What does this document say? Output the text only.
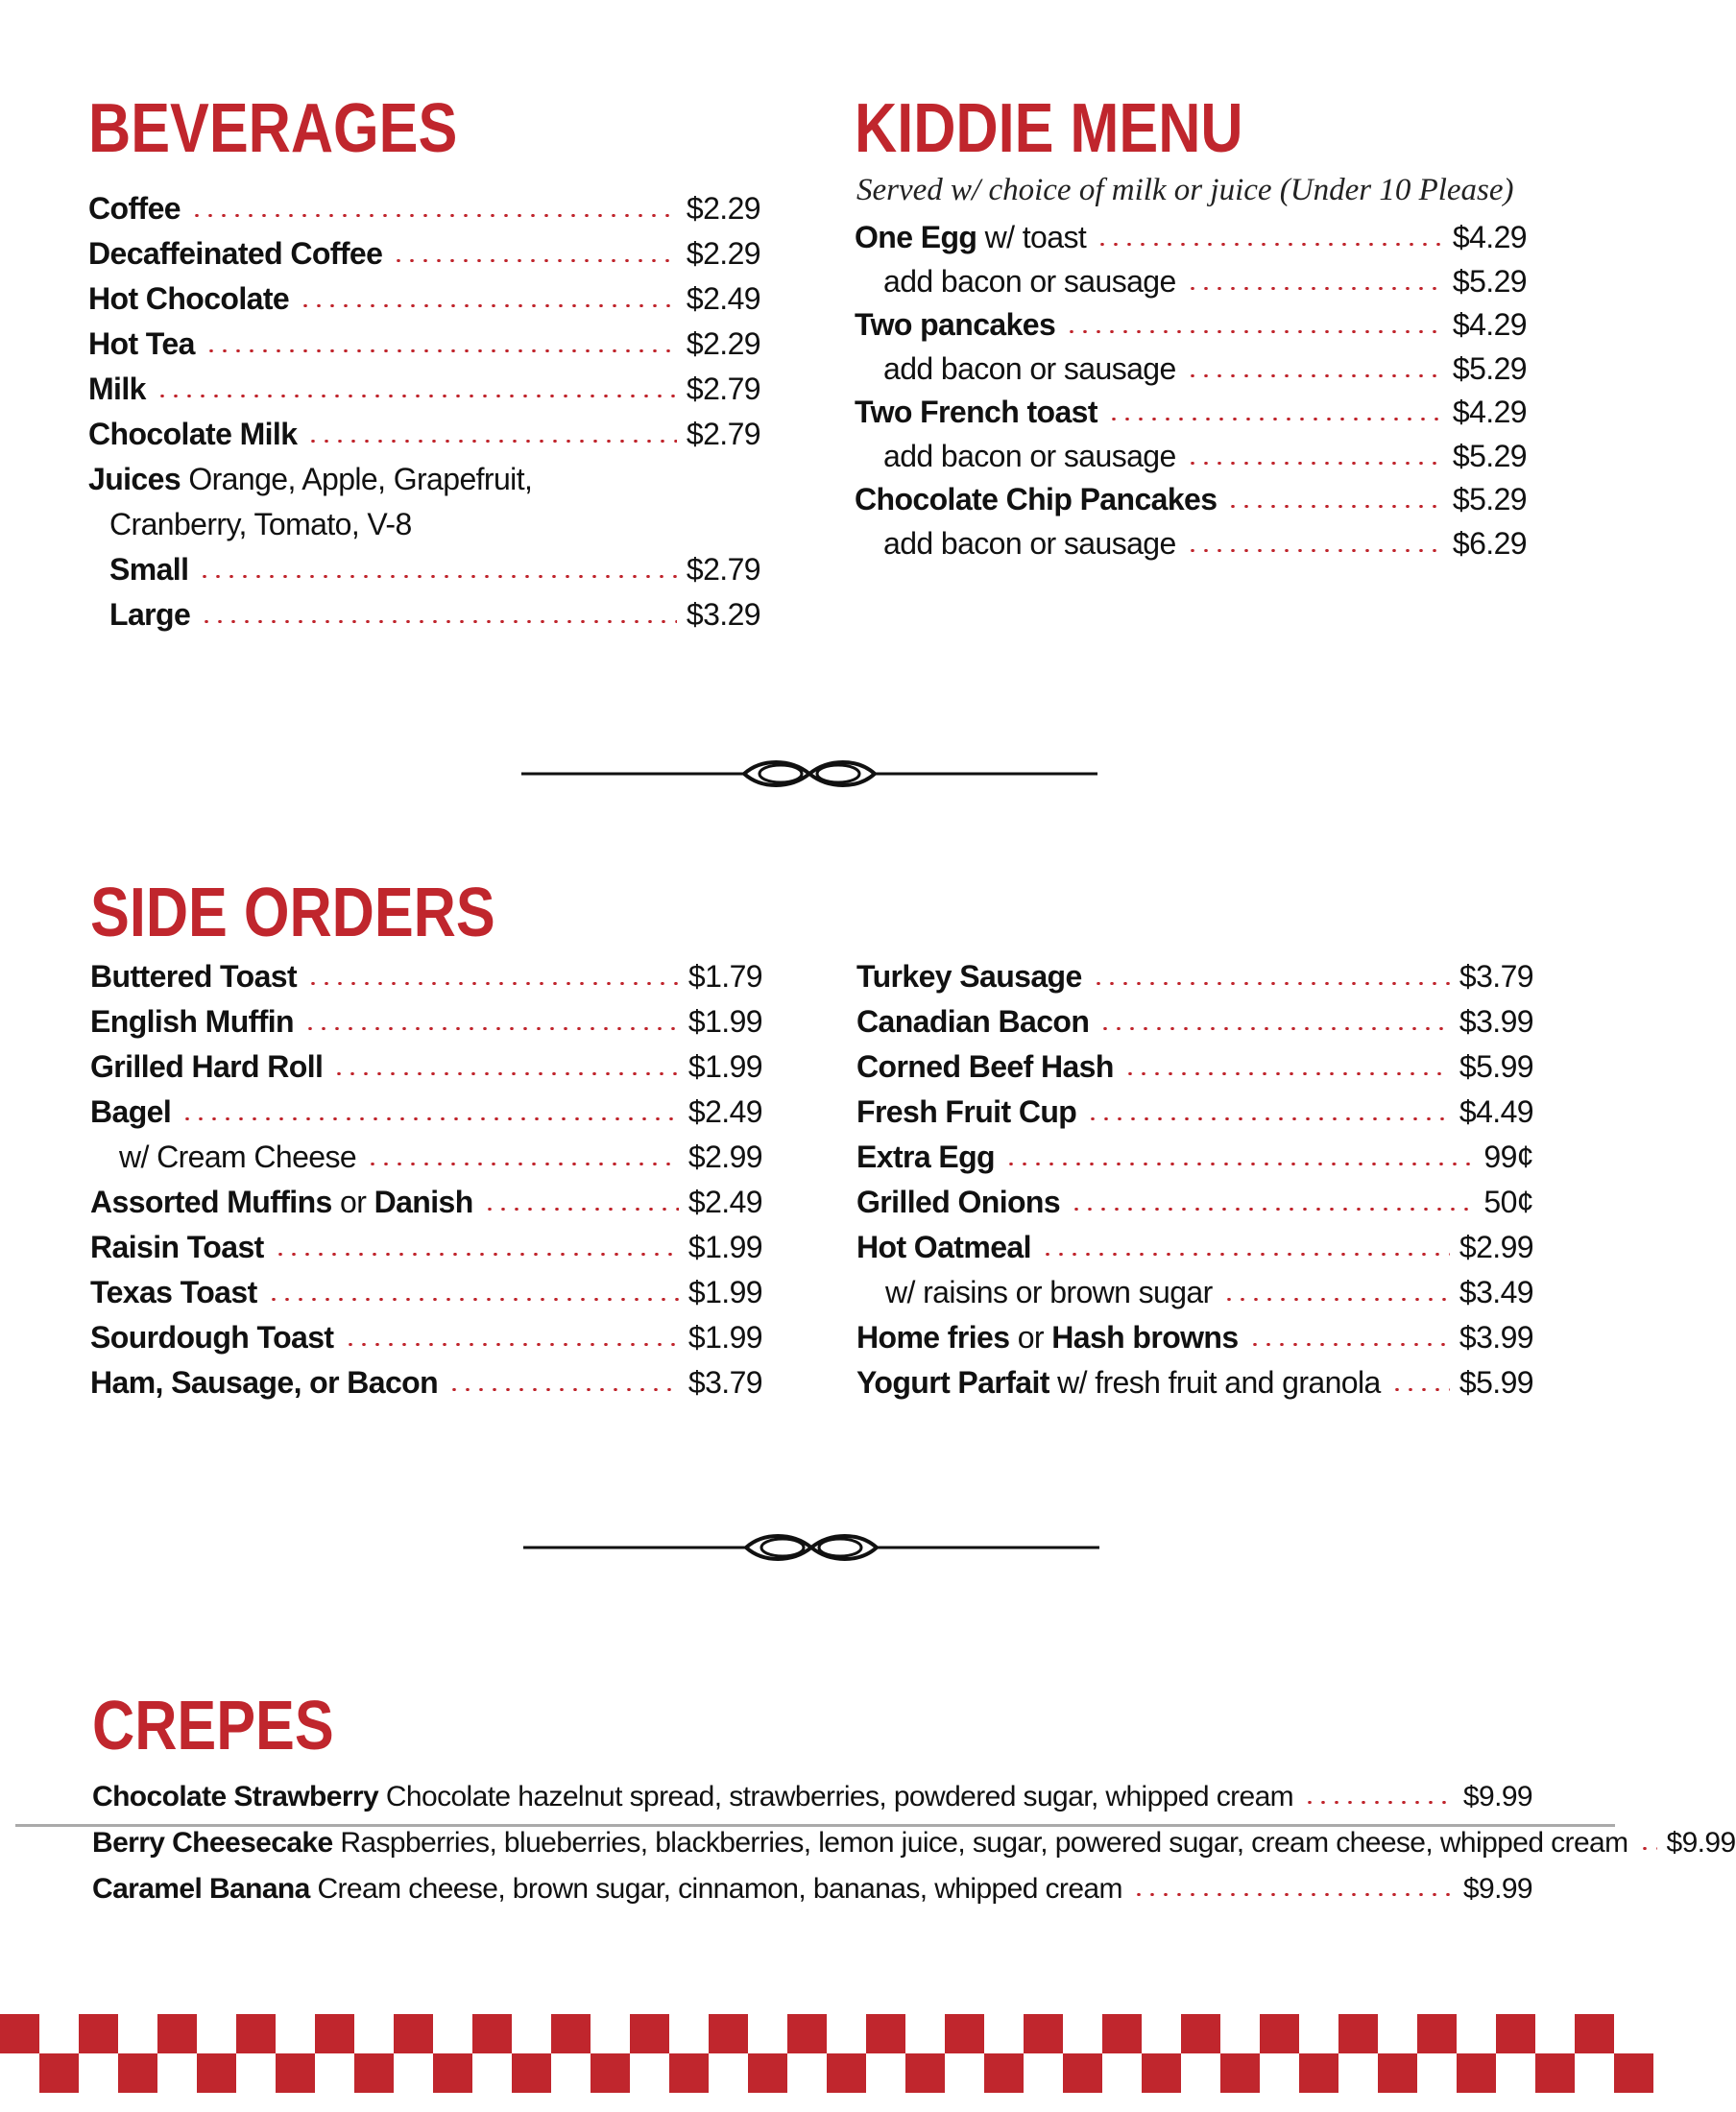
BEVERAGES
Coffee	$2.29
Decaffeinated Coffee	$2.29
Hot Chocolate	$2.49
Hot Tea	$2.29
Milk	$2.79
Chocolate Milk	$2.79
Juices Orange, Apple, Grapefruit,
Cranberry, Tomato, V-8
Small	$2.79
Large	$3.29
KIDDIE MENU

Served w/ choice of milk or juice (Under 10 Please)

One Egg w/ toast	$4.29
add bacon or sausage	$5.29
Two pancakes	$4.29
add bacon or sausage	$5.29
Two French toast	$4.29
add bacon or sausage	$5.29
Chocolate Chip Pancakes	$5.29
add bacon or sausage	$6.29
SIDE ORDERS
Buttered Toast	$1.79
English Muffin	$1.99
Grilled Hard Roll	$1.99
Bagel	$2.49
w/ Cream Cheese	$2.99
Assorted Muffins or Danish	$2.49
Raisin Toast	$1.99
Texas Toast	$1.99
Sourdough Toast	$1.99
Ham, Sausage, or Bacon	$3.79
Turkey Sausage	$3.79
Canadian Bacon	$3.99
Corned Beef Hash	$5.99
Fresh Fruit Cup	$4.49
Extra Egg	99¢
Grilled Onions	50¢
Hot Oatmeal	$2.99
w/ raisins or brown sugar	$3.49
Home fries or Hash browns	$3.99
Yogurt Parfait w/ fresh fruit and granola	$5.99
CREPES
Chocolate Strawberry Chocolate hazelnut spread, strawberries, powdered sugar, whipped cream	$9.99
Berry Cheesecake Raspberries, blueberries, blackberries, lemon juice, sugar, powered sugar, cream cheese, whipped cream $9.99
Caramel Banana Cream cheese, brown sugar, cinnamon, bananas, whipped cream	$9.99
